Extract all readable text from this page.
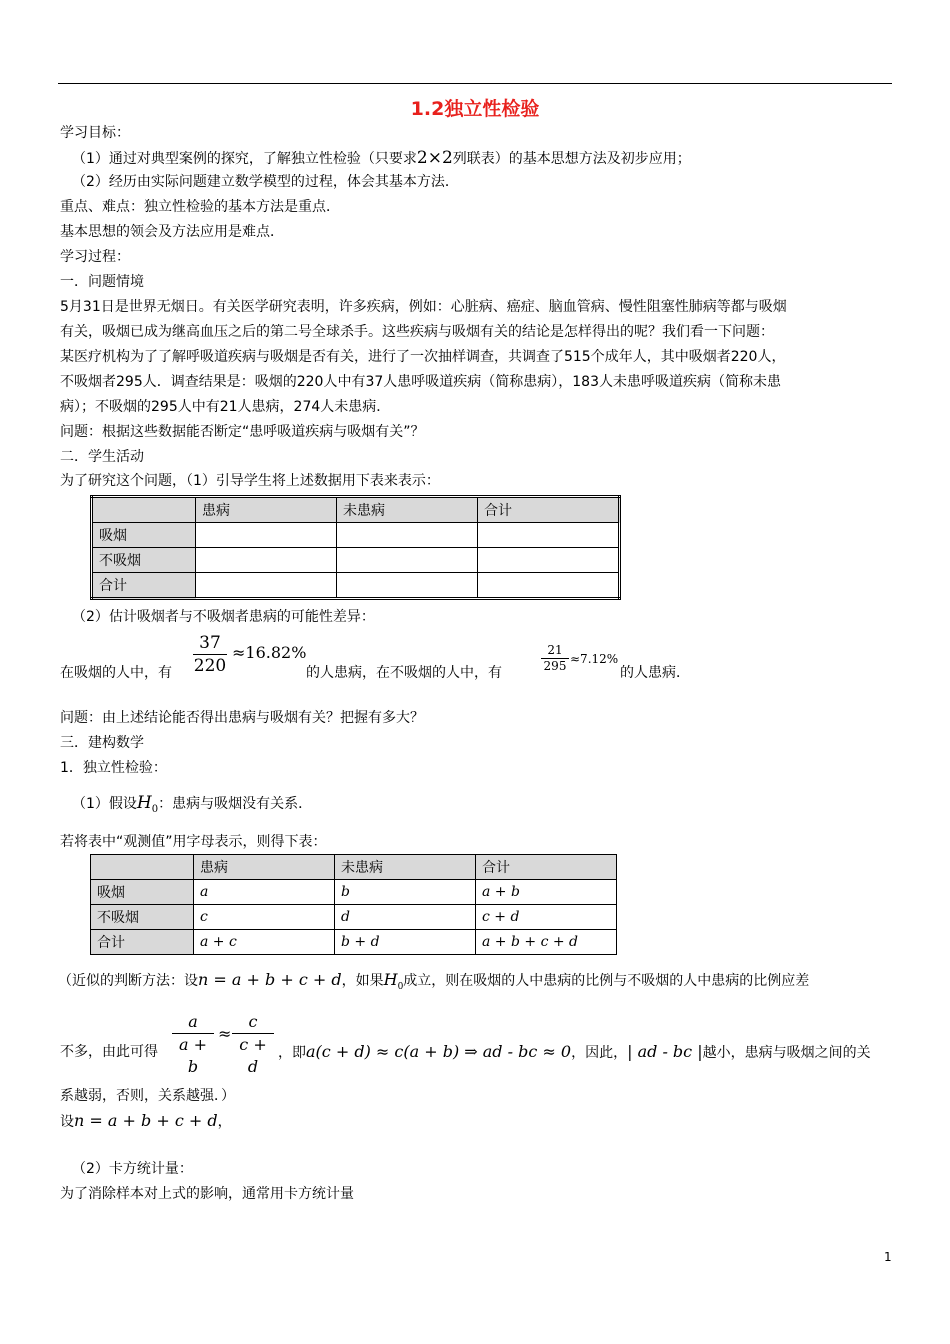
1.2独立性检验
学习目标：
（1）通过对典型案例的探究，了解独立性检验（只要求2×2列联表）的基本思想方法及初步应用；
（2）经历由实际问题建立数学模型的过程，体会其基本方法．
重点、难点：独立性检验的基本方法是重点．
基本思想的领会及方法应用是难点．
学习过程：
一．问题情境
5月31日是世界无烟日。有关医学研究表明，许多疾病，例如：心脏病、癌症、脑血管病、慢性阻塞性肺病等都与吸烟
有关，吸烟已成为继高血压之后的第二号全球杀手。这些疾病与吸烟有关的结论是怎样得出的呢？我们看一下问题：
某医疗机构为了了解呼吸道疾病与吸烟是否有关，进行了一次抽样调查，共调查了515个成年人，其中吸烟者220人，
不吸烟者295人．调查结果是：吸烟的220人中有37人患呼吸道疾病（简称患病），183人未患呼吸道疾病（简称未患
病）；不吸烟的295人中有21人患病，274人未患病．
问题：根据这些数据能否断定“患呼吸道疾病与吸烟有关”？
二．学生活动
为了研究这个问题，（1）引导学生将上述数据用下表来表示：
	患病	未患病	合计
吸烟			
不吸烟			
合计			
（2）估计吸烟者与不吸烟者患病的可能性差异：
37
220
≈16.82%
在吸烟的人中，有	的人患病，在不吸烟的人中，有
21
295 ≈7.12%
的人患病．
问题：由上述结论能否得出患病与吸烟有关？把握有多大？
三．建构数学
1．独立性检验：
（1）假设$H_0$：患病与吸烟没有关系．
若将表中“观测值”用字母表示，则得下表：
	患病	未患病	合计
吸烟	a	b	a + b
不吸烟	c	d	c + d
合计	a + c	b + d	a + b + c + d
（近似的判断方法：设n = a + b + c + d，如果$H_0$成立，则在吸烟的人中患病的比例与不吸烟的人中患病的比例应差
不多，由此可得
a
a + b
≈
c
c + d
，即a(c + d) ≈ c(a + b) ⇒ ad - bc ≈ 0，因此，| ad - bc |越小，患病与吸烟之间的关
系越弱，否则，关系越强．）
设n = a + b + c + d，
（2）卡方统计量：
为了消除样本对上式的影响，通常用卡方统计量
1
